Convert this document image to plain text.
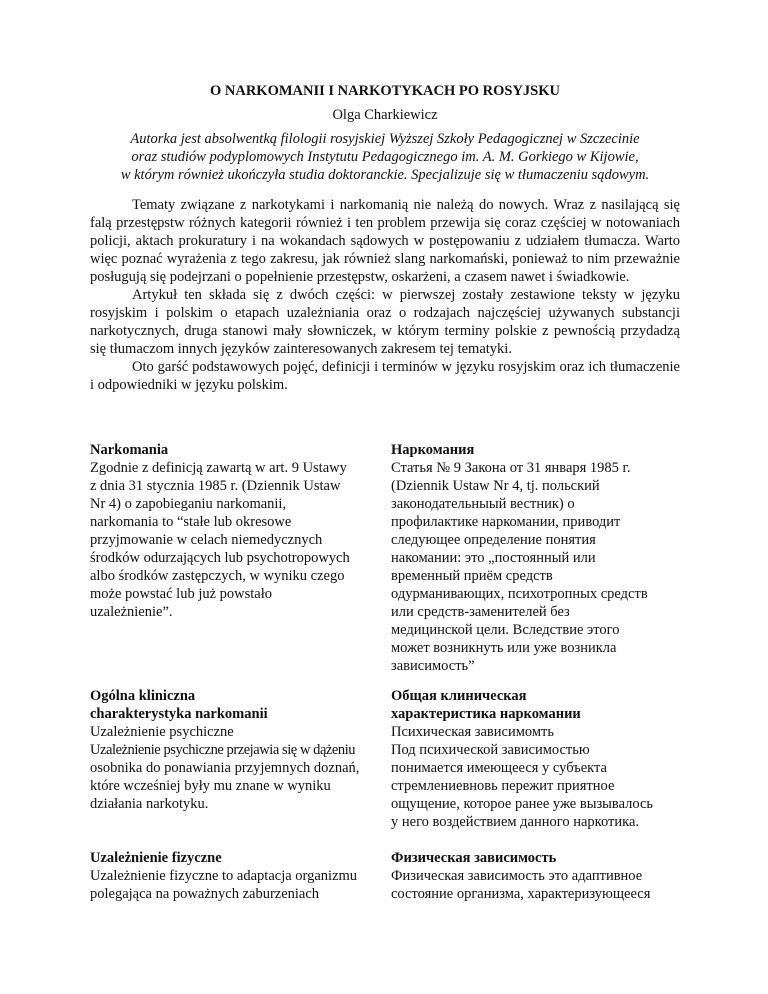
O NARKOMANII I NARKOTYKACH PO ROSYJSKU
Olga Charkiewicz
Autorka jest absolwentką filologii rosyjskiej Wyższej Szkoły Pedagogicznej w Szczecinie
oraz studiów podyplomowych Instytutu Pedagogicznego im. A. M. Gorkiego w Kijowie,
w którym również ukończyła studia doktoranckie. Specjalizuje się w tłumaczeniu sądowym.

Tematy związane z narkotykami i narkomanią nie należą do nowych. Wraz z nasilającą się falą przestępstw różnych kategorii również i ten problem przewija się coraz częściej w notowaniach policji, aktach prokuratury i na wokandach sądowych w postępowaniu z udziałem tłumacza. Warto więc poznać wyrażenia z tego zakresu, jak również slang narkomański, ponieważ to nim przeważnie posługują się podejrzani o popełnienie przestępstw, oskarżeni, a czasem nawet i świadkowie.

Artykuł ten składa się z dwóch części: w pierwszej zostały zestawione teksty w języku rosyjskim i polskim o etapach uzależniania oraz o rodzajach najczęściej używanych substancji narkotycznych, druga stanowi mały słowniczek, w którym terminy polskie z pewnością przydadzą się tłumaczom innych języków zainteresowanych zakresem tej tematyki.

Oto garść podstawowych pojęć, definicji i terminów w języku rosyjskim oraz ich tłumaczenie i odpowiedniki w języku polskim.

Narkomania
Zgodnie z definicją zawartą w art. 9 Ustawy
z dnia 31 stycznia 1985 r. (Dziennik Ustaw
Nr 4) o zapobieganiu narkomanii,
narkomania to “stałe lub okresowe
przyjmowanie w celach niemedycznych
środków odurzających lub psychotropowych
albo środków zastępczych, w wyniku czego
może powstać lub już powstało
uzależnienie”.
Наркомания
Статья № 9 Закона от 31 января 1985 г.
(Dziennik Ustaw Nr 4, tj. польский
законодательныый вестник) о
профилактике наркомании, приводит
следующее определение понятия
накомании: это „постоянный или
временный приём средств
одурманивающих, психотропных средств
или средств-заменителей без
медицинской цели. Вследствие этого
может возникнуть или уже возникла
зависимость”
Ogólna kliniczna
charakterystyka narkomanii
Uzależnienie psychiczne
Uzależnienie psychiczne przejawia się w dążeniu
osobnika do ponawiania przyjemnych doznań,
które wcześniej były mu znane w wyniku
działania narkotyku.
Общая клиническая
характеристика наркомании
Психическая зависимомть
Под психической зависимостью
понимается имеющееся у субъекта
стремлениевновь пережит приятное
ощущение, которое ранее уже вызывалось
у него воздействием данного наркотика.
Uzależnienie fizyczne
Uzależnienie fizyczne to adaptacja organizmu
polegająca na poważnych zaburzeniach
Физическая зависимость
Физическая зависимость это адаптивное
состояние организма, характеризующееся
